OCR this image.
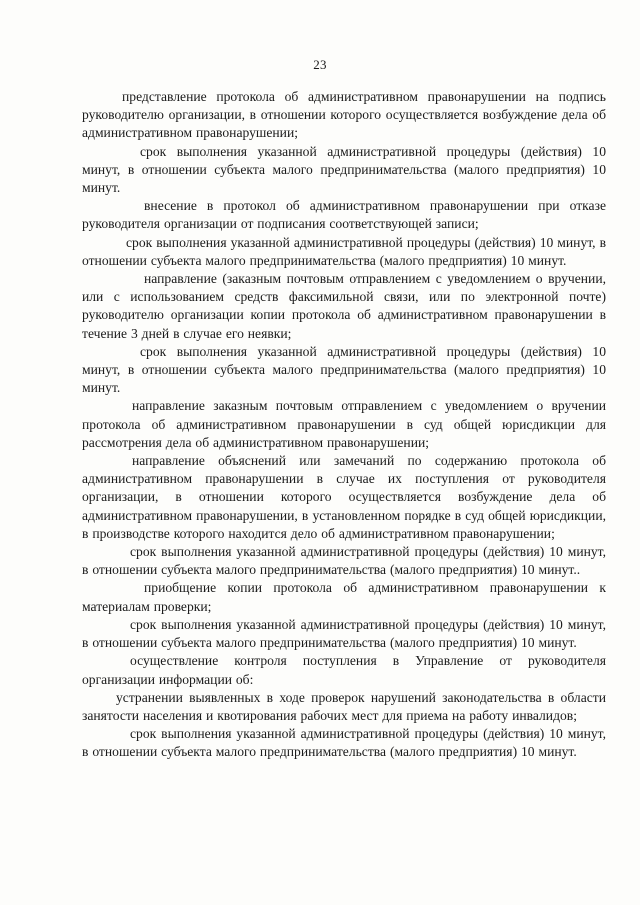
23

представление протокола об административном правонарушении на подпись руководителю организации, в отношении которого осуществляется возбуждение дела об административном правонарушении;

срок выполнения указанной административной процедуры (действия) 10 минут, в отношении субъекта малого предпринимательства (малого предприятия) 10 минут.

внесение в протокол об административном правонарушении при отказе руководителя организации от подписания соответствующей записи;

срок выполнения указанной административной процедуры (действия) 10 минут, в отношении субъекта малого предпринимательства (малого предприятия) 10 минут.

направление (заказным почтовым отправлением с уведомлением о вручении, или с использованием средств факсимильной связи, или по электронной почте) руководителю организации копии протокола об административном правонарушении в течение 3 дней в случае его неявки;

срок выполнения указанной административной процедуры (действия) 10 минут, в отношении субъекта малого предпринимательства (малого предприятия) 10 минут.

направление заказным почтовым отправлением с уведомлением о вручении протокола об административном правонарушении в суд общей юрисдикции для рассмотрения дела об административном правонарушении;

направление объяснений или замечаний по содержанию протокола об административном правонарушении в случае их поступления от руководителя организации, в отношении которого осуществляется возбуждение дела об административном правонарушении, в установленном порядке в суд общей юрисдикции, в производстве которого находится дело об административном правонарушении;

срок выполнения указанной административной процедуры (действия) 10 минут, в отношении субъекта малого предпринимательства (малого предприятия) 10 минут..

приобщение копии протокола об административном правонарушении к материалам проверки;

срок выполнения указанной административной процедуры (действия) 10 минут, в отношении субъекта малого предпринимательства (малого предприятия) 10 минут.

осуществление контроля поступления в Управление от руководителя организации информации об:

устранении выявленных в ходе проверок нарушений законодательства в области занятости населения и квотирования рабочих мест для приема на работу инвалидов;

срок выполнения указанной административной процедуры (действия) 10 минут, в отношении субъекта малого предпринимательства (малого предприятия) 10 минут.
